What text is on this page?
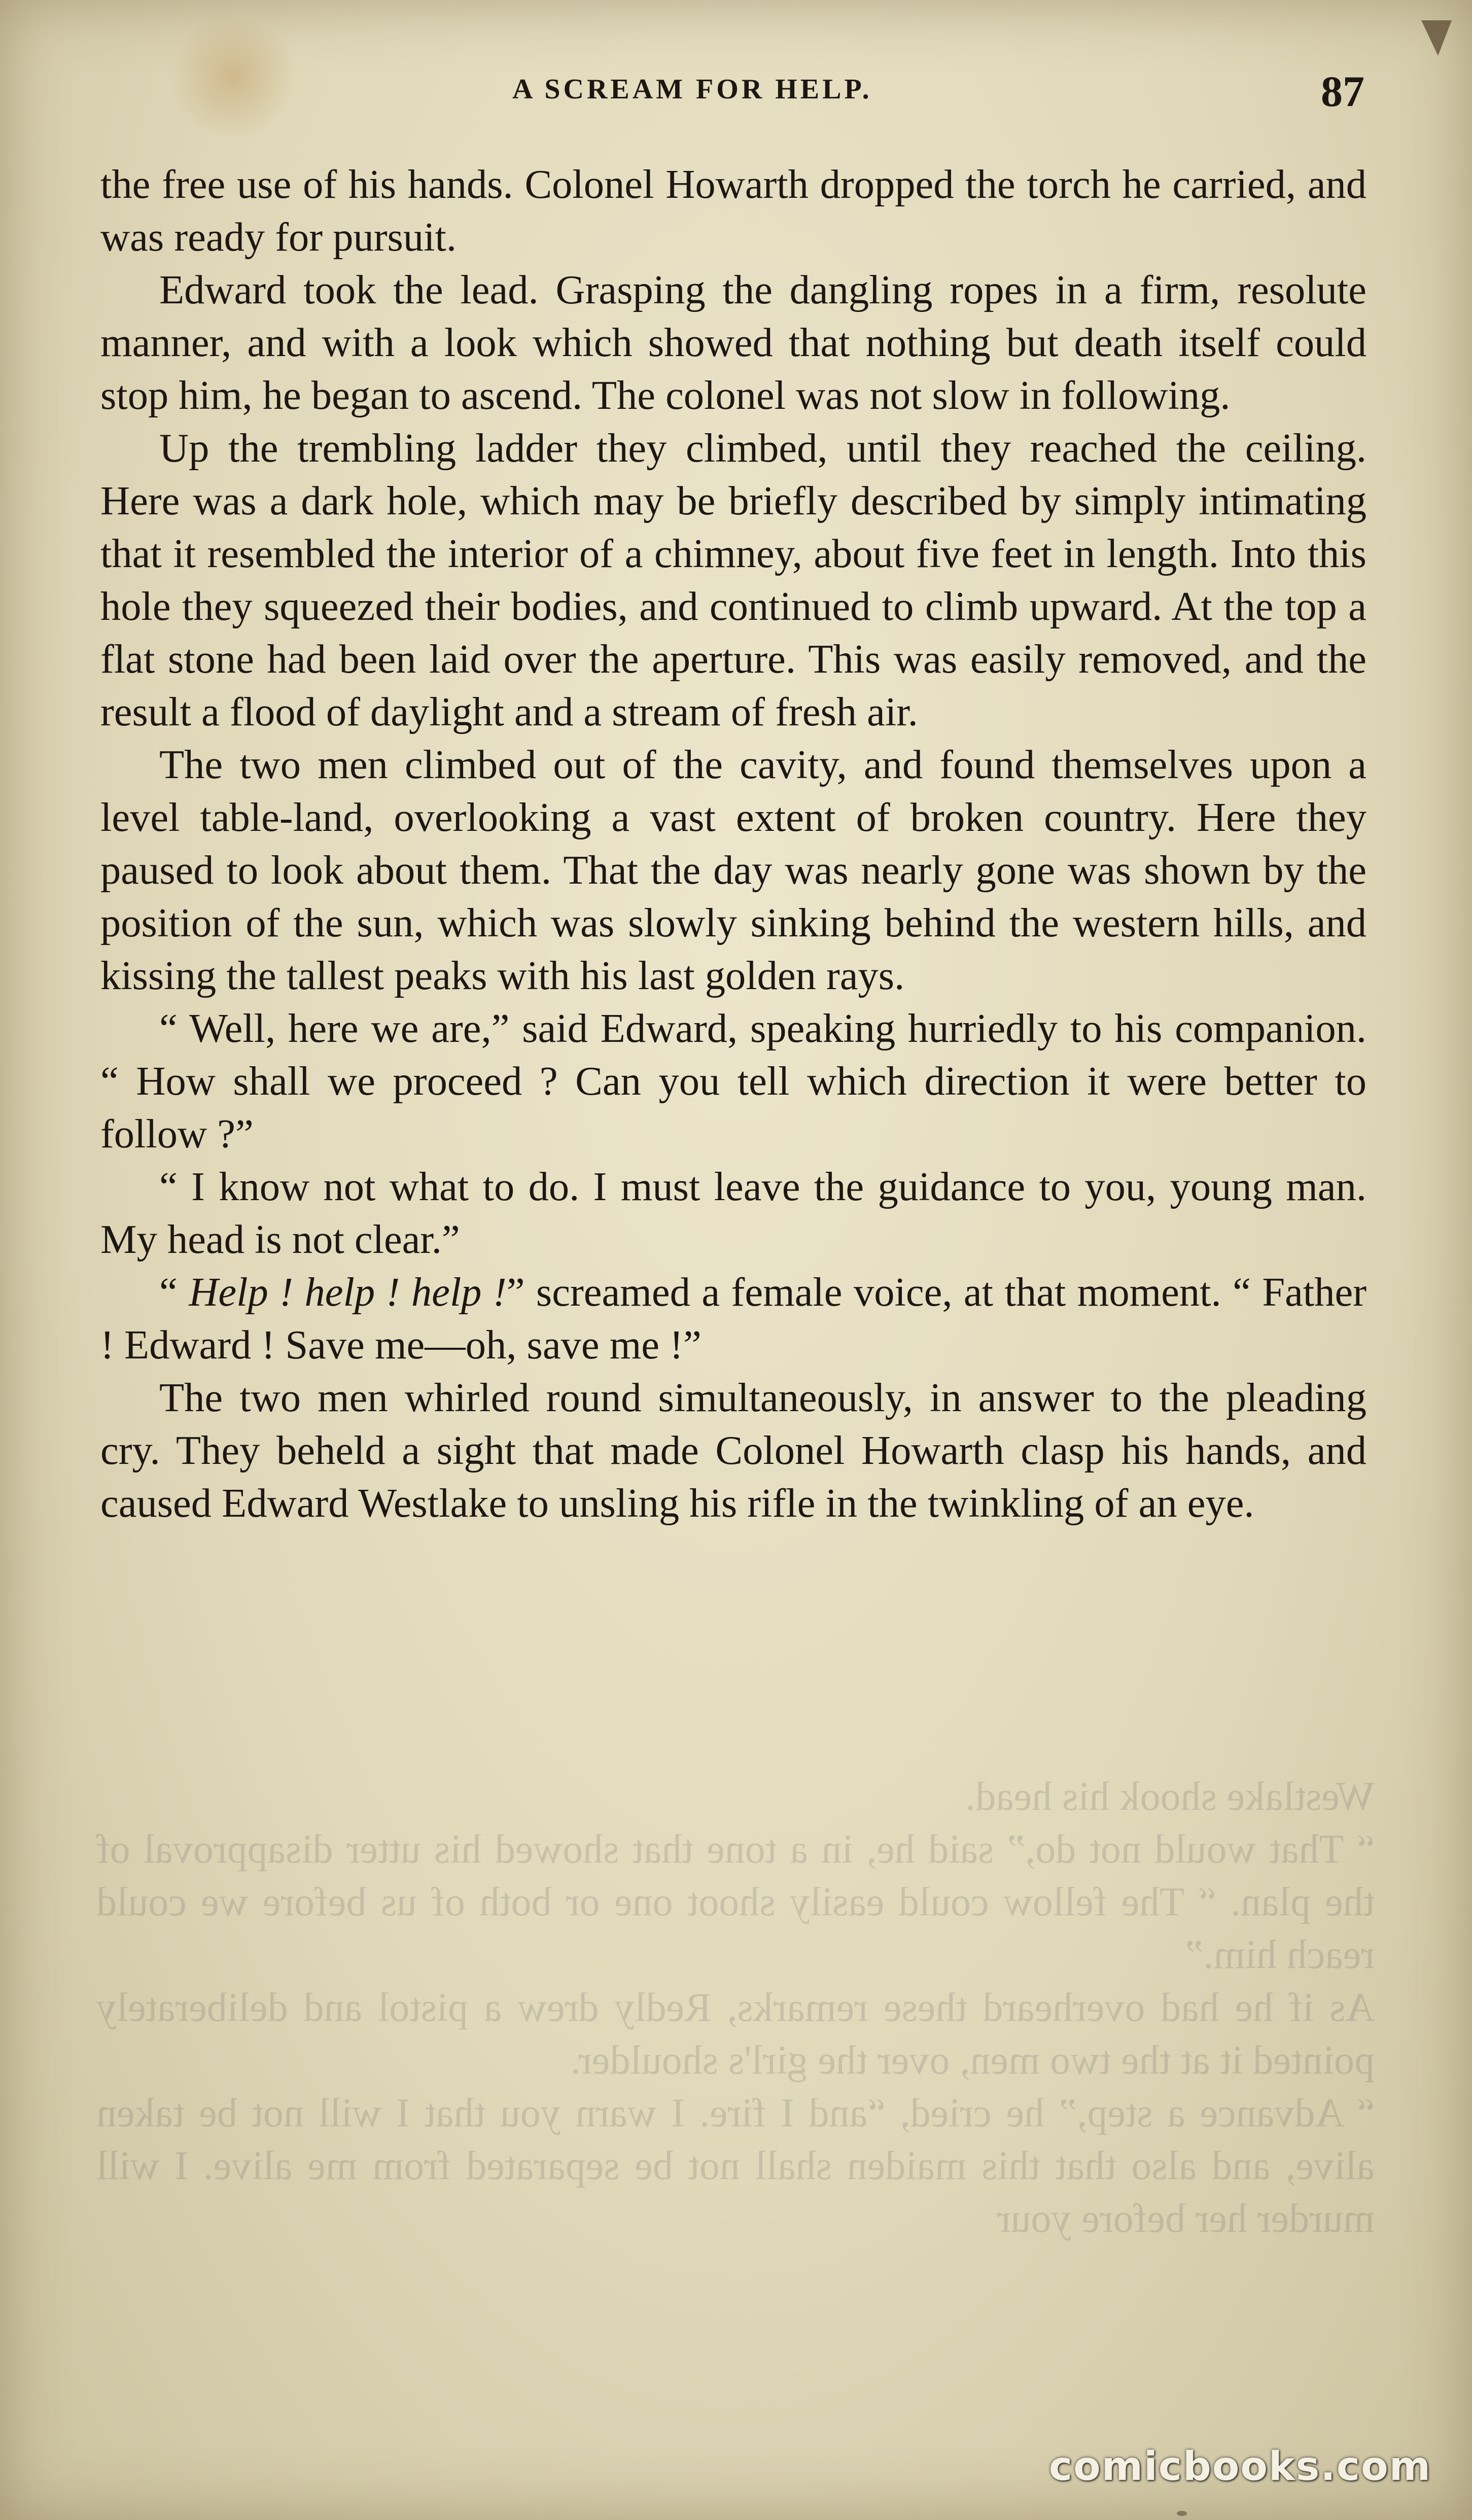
A SCREAM FOR HELP.	87

Westlake shook his head.

“ That would not do,” said he, in a tone that showed his utter disapproval of the plan. “ The fellow could easily shoot one or both of us before we could reach him.”

As if he had overheard these remarks, Redly drew a pistol and deliberately pointed it at the two men, over the girl's shoulder.

“ Advance a step,” he cried, “and I fire. I warn you that I will not be taken alive, and also that this maiden shall not be separated from me alive. I will murder her before your

the free use of his hands. Colonel Howarth dropped the torch he carried, and was ready for pursuit.

Edward took the lead. Grasping the dangling ropes in a firm, resolute manner, and with a look which showed that nothing but death itself could stop him, he began to ascend. The colonel was not slow in following.

Up the trembling ladder they climbed, until they reached the ceiling. Here was a dark hole, which may be briefly described by simply intimating that it resembled the interior of a chimney, about five feet in length. Into this hole they squeezed their bodies, and continued to climb upward. At the top a flat stone had been laid over the aperture. This was easily removed, and the result a flood of daylight and a stream of fresh air.

The two men climbed out of the cavity, and found themselves upon a level table-land, overlooking a vast extent of broken country. Here they paused to look about them. That the day was nearly gone was shown by the position of the sun, which was slowly sinking behind the western hills, and kissing the tallest peaks with his last golden rays.

“ Well, here we are,” said Edward, speaking hurriedly to his companion. “ How shall we proceed ? Can you tell which direction it were better to follow ?”

“ I know not what to do. I must leave the guidance to you, young man. My head is not clear.”

“ Help ! help ! help !” screamed a female voice, at that moment. “ Father ! Edward ! Save me—oh, save me !”

The two men whirled round simultaneously, in answer to the pleading cry. They beheld a sight that made Colonel Howarth clasp his hands, and caused Edward Westlake to unsling his rifle in the twinkling of an eye.

comicbooks.com
